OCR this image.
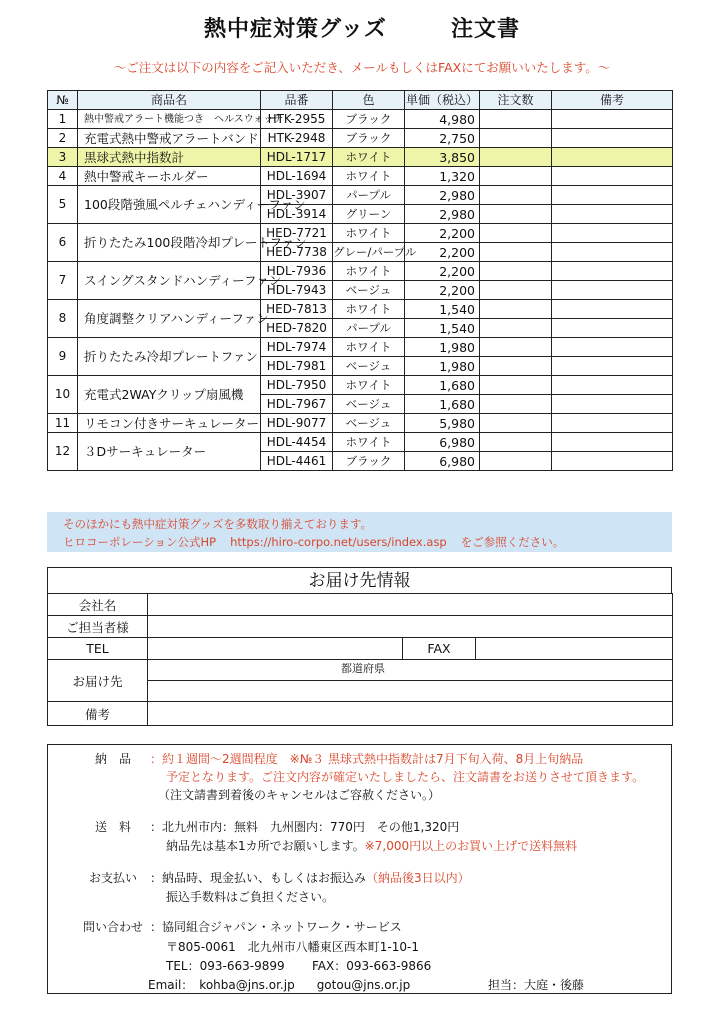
熱中症対策グッズ	注文書
～ご注文は以下の内容をご記入いただき、メールもしくはFAXにてお願いいたします。～
№	商品名	品番	色	単価（税込）	注文数	備考
1	熱中警戒アラート機能つき　ヘルスウォッチ	HTK-2955	ブラック	4,980		
2	充電式熱中警戒アラートバンド	HTK-2948	ブラック	2,750		
3	黒球式熱中指数計	HDL-1717	ホワイト	3,850		
4	熱中警戒キーホルダー	HDL-1694	ホワイト	1,320		
5	100段階強風ペルチェハンディーファン	HDL-3907	パープル	2,980		
		HDL-3914	グリーン	2,980		
6	折りたたみ100段階冷却プレートファン	HED-7721	ホワイト	2,200		
		HED-7738	グレー/パープル	2,200		
7	スイングスタンドハンディーファン	HDL-7936	ホワイト	2,200		
		HDL-7943	ベージュ	2,200		
8	角度調整クリアハンディーファン	HED-7813	ホワイト	1,540		
		HED-7820	パープル	1,540		
9	折りたたみ冷却プレートファン	HDL-7974	ホワイト	1,980		
		HDL-7981	ベージュ	1,980		
10	充電式2WAYクリップ扇風機	HDL-7950	ホワイト	1,680		
		HDL-7967	ベージュ	1,680		
11	リモコン付きサーキュレーター	HDL-9077	ベージュ	5,980		
12	３Dサーキュレーター	HDL-4454	ホワイト	6,980		
		HDL-4461	ブラック	6,980		
そのほかにも熱中症対策グッズを多数取り揃えております。
ヒロコーポレーション公式HP https://hiro-corpo.net/users/index.asp をご参照ください。
お届け先情報
会社名			
ご担当者様			
TEL		FAX	
お届け先	都道府県		

備考			
納　品	：約１週間～2週間程度　※№３ 黒球式熱中指数計は7月下旬入荷、8月上旬納品
予定となります。ご注文内容が確定いたしましたら、注文請書をお送りさせて頂きます。
（注文請書到着後のキャンセルはご容赦ください。）
送　料	：北九州市内：無料　九州圏内：770円　その他1,320円
納品先は基本1カ所でお願いします。※7,000円以上のお買い上げで送料無料
お支払い	：納品時、現金払い、もしくはお振込み（納品後3日以内）
振込手数料はご負担ください。
問い合わせ ：協同組合ジャパン・ネットワーク・サービス
〒805-0061　北九州市八幡東区西本町1-10-1
TEL：093-663-9899 FAX：093-663-9866
Email： kohba@jns.or.jp gotou@jns.or.jp	担当：大庭・後藤
